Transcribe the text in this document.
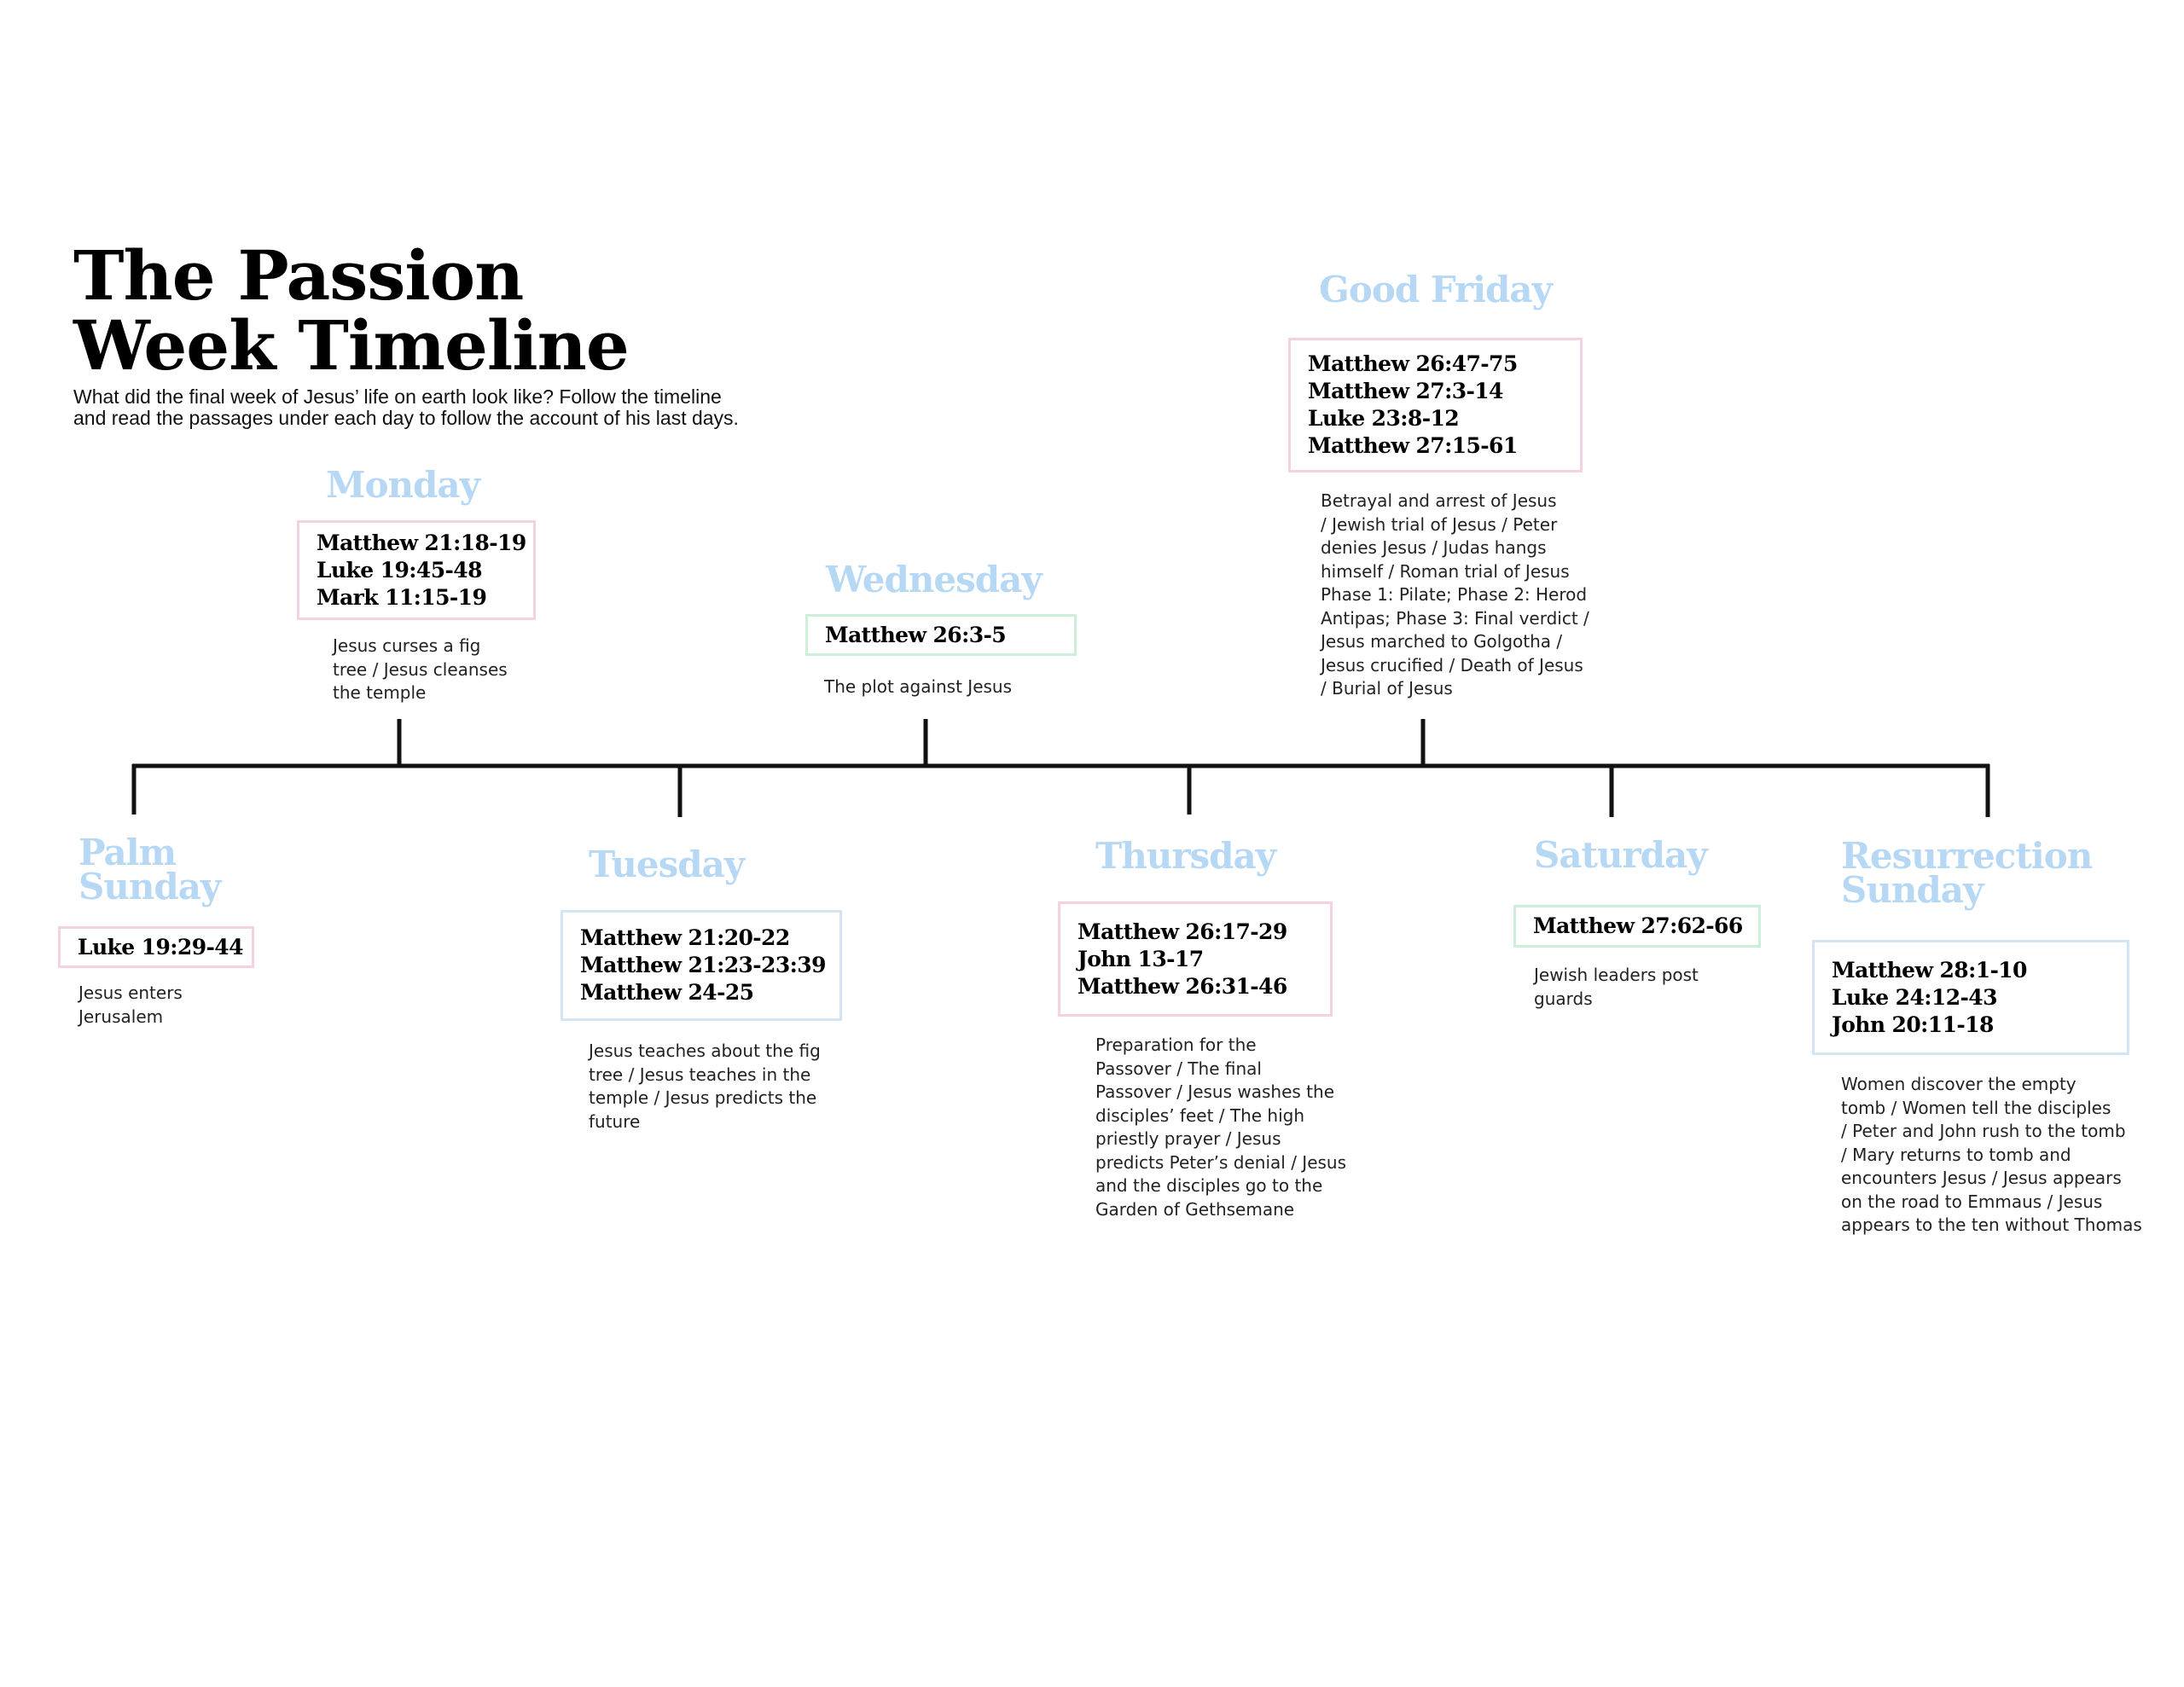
The Passion
Week Timeline
What did the final week of Jesus’ life on earth look like? Follow the timeline
and read the passages under each day to follow the account of his last days.
Palm
Sunday
Luke 19:29-44
Jesus enters
Jerusalem
Monday
Matthew 21:18-19
Luke 19:45-48
Mark 11:15-19
Jesus curses a fig
tree / Jesus cleanses
the temple
Tuesday
Matthew 21:20-22
Matthew 21:23-23:39
Matthew 24-25
Jesus teaches about the fig
tree / Jesus teaches in the
temple / Jesus predicts the
future
Wednesday
Matthew 26:3-5
The plot against Jesus
Thursday
Matthew 26:17-29
John 13-17
Matthew 26:31-46
Preparation for the
Passover / The final
Passover / Jesus washes the
disciples’ feet / The high
priestly prayer / Jesus
predicts Peter’s denial / Jesus
and the disciples go to the
Garden of Gethsemane
Good Friday
Matthew 26:47-75
Matthew 27:3-14
Luke 23:8-12
Matthew 27:15-61
Betrayal and arrest of Jesus
/ Jewish trial of Jesus / Peter
denies Jesus / Judas hangs
himself / Roman trial of Jesus
Phase 1: Pilate; Phase 2: Herod
Antipas; Phase 3: Final verdict /
Jesus marched to Golgotha /
Jesus crucified / Death of Jesus
/ Burial of Jesus
Saturday
Matthew 27:62-66
Jewish leaders post
guards
Resurrection
Sunday
Matthew 28:1-10
Luke 24:12-43
John 20:11-18
Women discover the empty
tomb / Women tell the disciples
/ Peter and John rush to the tomb
/ Mary returns to tomb and
encounters Jesus / Jesus appears
on the road to Emmaus / Jesus
appears to the ten without Thomas
